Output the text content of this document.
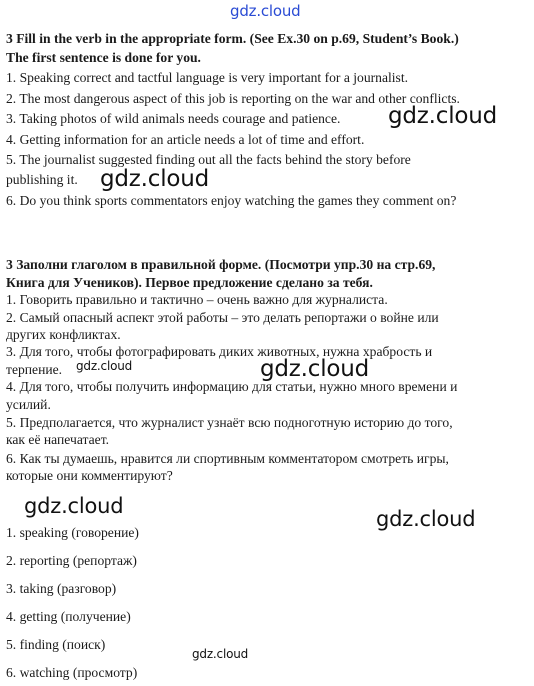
gdz.cloud
gdz.cloud
gdz.cloud
gdz.cloud	gdz.cloud
gdz.cloud
gdz.cloud
gdz.cloud
3 Fill in the verb in the appropriate form. (See Ex.30 on p.69, Student’s Book.)
The first sentence is done for you.
1. Speaking correct and tactful language is very important for a journalist.
2. The most dangerous aspect of this job is reporting on the war and other conflicts.
3. Taking photos of wild animals needs courage and patience.
4. Getting information for an article needs a lot of time and effort.
5. The journalist suggested finding out all the facts behind the story before
publishing it.
6. Do you think sports commentators enjoy watching the games they comment on?
3 Заполни глаголом в правильной форме. (Посмотри упр.30 на стр.69,
Книга для Учеников). Первое предложение сделано за тебя.
1. Говорить правильно и тактично – очень важно для журналиста.
2. Самый опасный аспект этой работы – это делать репортажи о войне или
других конфликтах.
3. Для того, чтобы фотографировать диких животных, нужна храбрость и
терпение.
4. Для того, чтобы получить информацию для статьи, нужно много времени и
усилий.
5. Предполагается, что журналист узнаёт всю подноготную историю до того,
как её напечатает.
6. Как ты думаешь, нравится ли спортивным комментатором смотреть игры,
которые они комментируют?
1. speaking (говорение)
2. reporting (репортаж)
3. taking (разговор)
4. getting (получение)
5. finding (поиск)
6. watching (просмотр)
